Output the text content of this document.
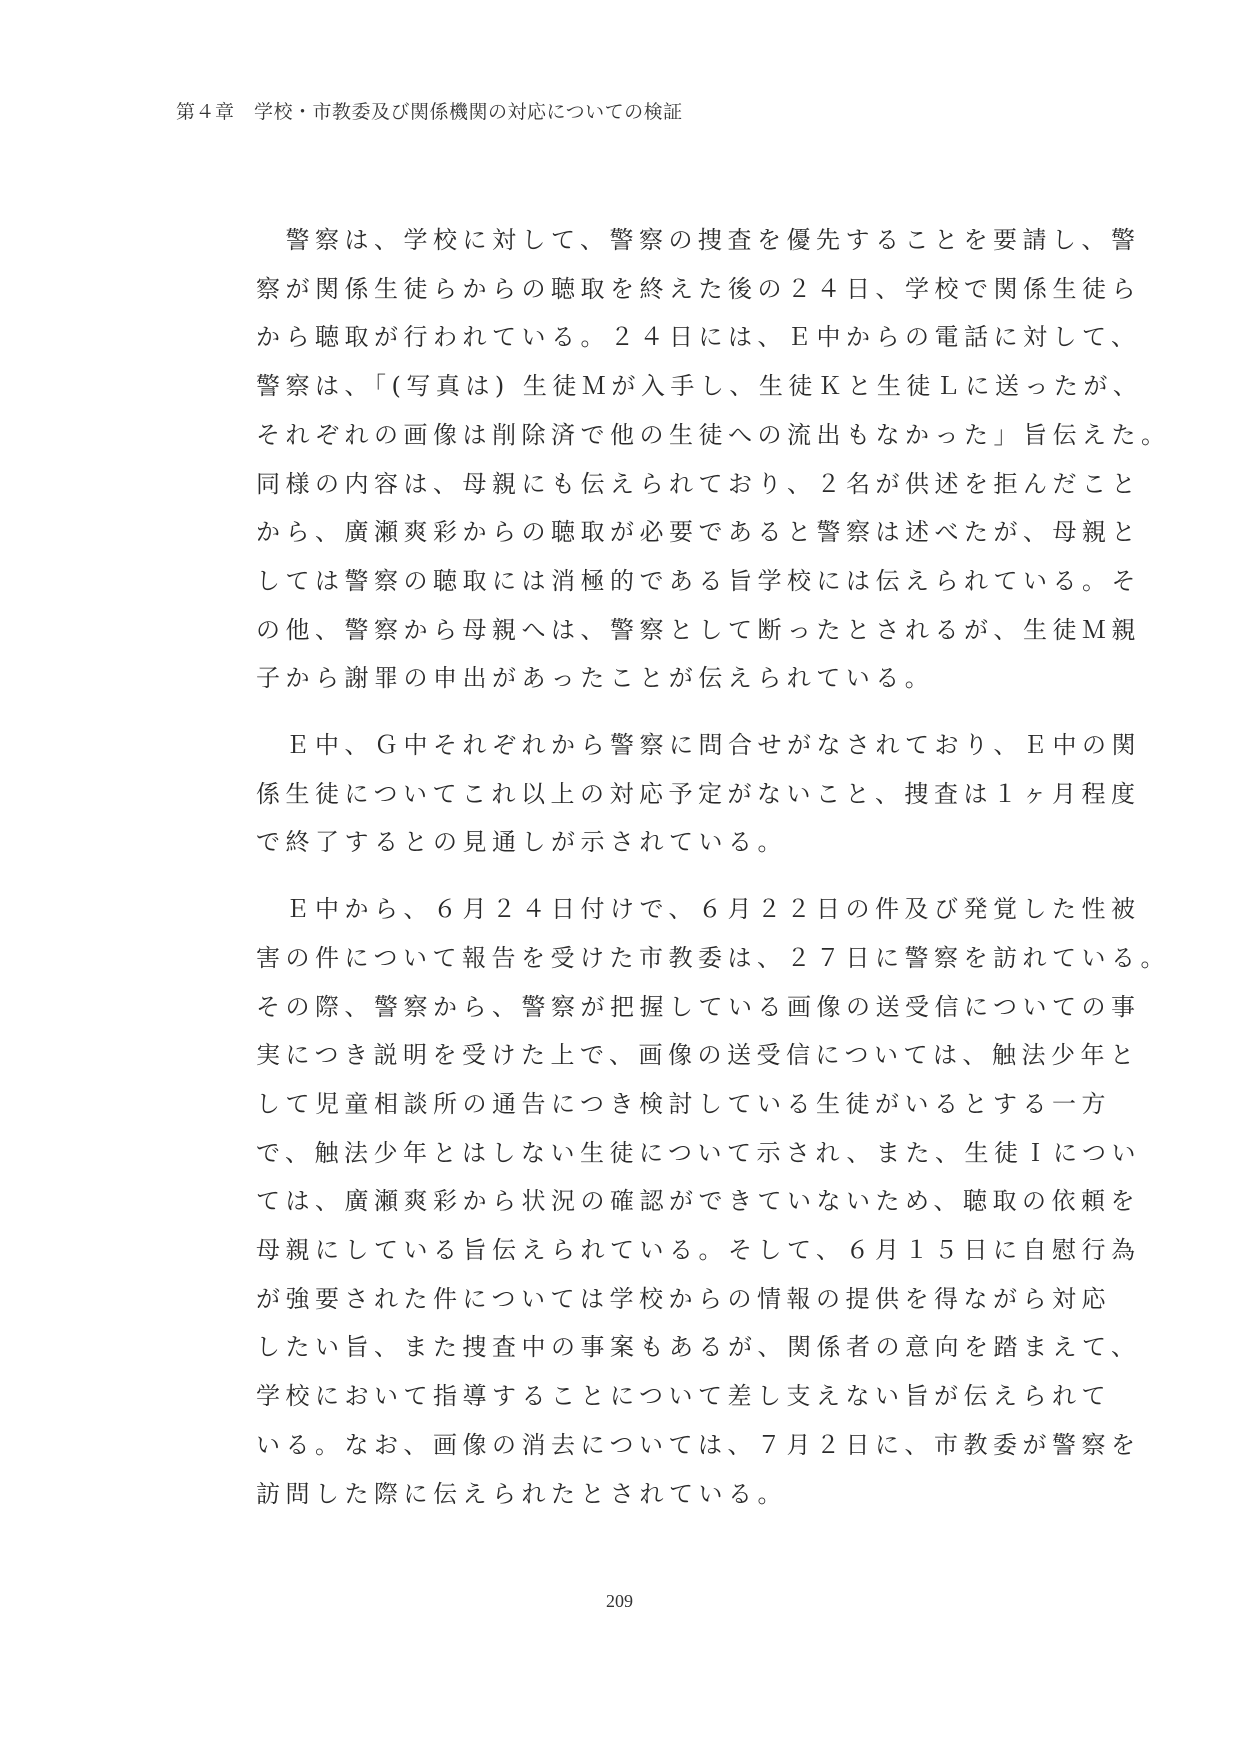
第４章　学校・市教委及び関係機関の対応についての検証

　警察は、学校に対して、警察の捜査を優先することを要請し、警
察が関係生徒らからの聴取を終えた後の２４日、学校で関係生徒ら
から聴取が行われている。２４日には、Ｅ中からの電話に対して、
警察は、「(写真は) 生徒Ｍが入手し、生徒Ｋと生徒Ｌに送ったが、
それぞれの画像は削除済で他の生徒への流出もなかった」旨伝えた。
同様の内容は、母親にも伝えられており、２名が供述を拒んだこと
から、廣瀬爽彩からの聴取が必要であると警察は述べたが、母親と
しては警察の聴取には消極的である旨学校には伝えられている。そ
の他、警察から母親へは、警察として断ったとされるが、生徒Ｍ親
子から謝罪の申出があったことが伝えられている。

　Ｅ中、Ｇ中それぞれから警察に問合せがなされており、Ｅ中の関
係生徒についてこれ以上の対応予定がないこと、捜査は１ヶ月程度
で終了するとの見通しが示されている。

　Ｅ中から、６月２４日付けで、６月２２日の件及び発覚した性被
害の件について報告を受けた市教委は、２７日に警察を訪れている。
その際、警察から、警察が把握している画像の送受信についての事
実につき説明を受けた上で、画像の送受信については、触法少年と
して児童相談所の通告につき検討している生徒がいるとする一方
で、触法少年とはしない生徒について示され、また、生徒Ｉについ
ては、廣瀬爽彩から状況の確認ができていないため、聴取の依頼を
母親にしている旨伝えられている。そして、６月１５日に自慰行為
が強要された件については学校からの情報の提供を得ながら対応
したい旨、また捜査中の事案もあるが、関係者の意向を踏まえて、
学校において指導することについて差し支えない旨が伝えられて
いる。なお、画像の消去については、７月２日に、市教委が警察を
訪問した際に伝えられたとされている。

209
